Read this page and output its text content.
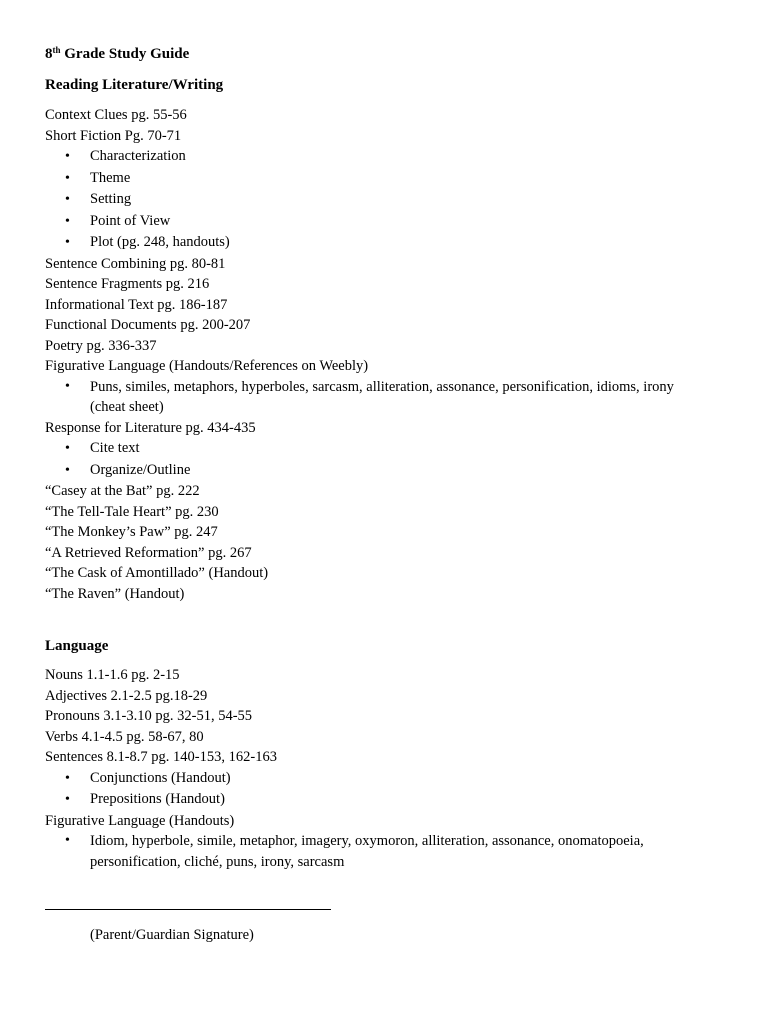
8th Grade Study Guide
Reading Literature/Writing
Context Clues pg. 55-56
Short Fiction Pg. 70-71
• Characterization
• Theme
• Setting
• Point of View
• Plot (pg. 248, handouts)
Sentence Combining pg. 80-81
Sentence Fragments pg. 216
Informational Text pg. 186-187
Functional Documents pg. 200-207
Poetry pg. 336-337
Figurative Language (Handouts/References on Weebly)
• Puns, similes, metaphors, hyperboles, sarcasm, alliteration, assonance, personification, idioms, irony (cheat sheet)
Response for Literature pg. 434-435
• Cite text
• Organize/Outline
“Casey at the Bat” pg. 222
“The Tell-Tale Heart” pg. 230
“The Monkey’s Paw” pg. 247
“A Retrieved Reformation” pg. 267
“The Cask of Amontillado” (Handout)
“The Raven” (Handout)
Language
Nouns 1.1-1.6 pg. 2-15
Adjectives 2.1-2.5 pg.18-29
Pronouns 3.1-3.10 pg. 32-51, 54-55
Verbs 4.1-4.5 pg. 58-67, 80
Sentences 8.1-8.7 pg. 140-153, 162-163
• Conjunctions (Handout)
• Prepositions (Handout)
Figurative Language (Handouts)
• Idiom, hyperbole, simile, metaphor, imagery, oxymoron, alliteration, assonance, onomatopoeia, personification, cliché, puns, irony, sarcasm
(Parent/Guardian Signature)
